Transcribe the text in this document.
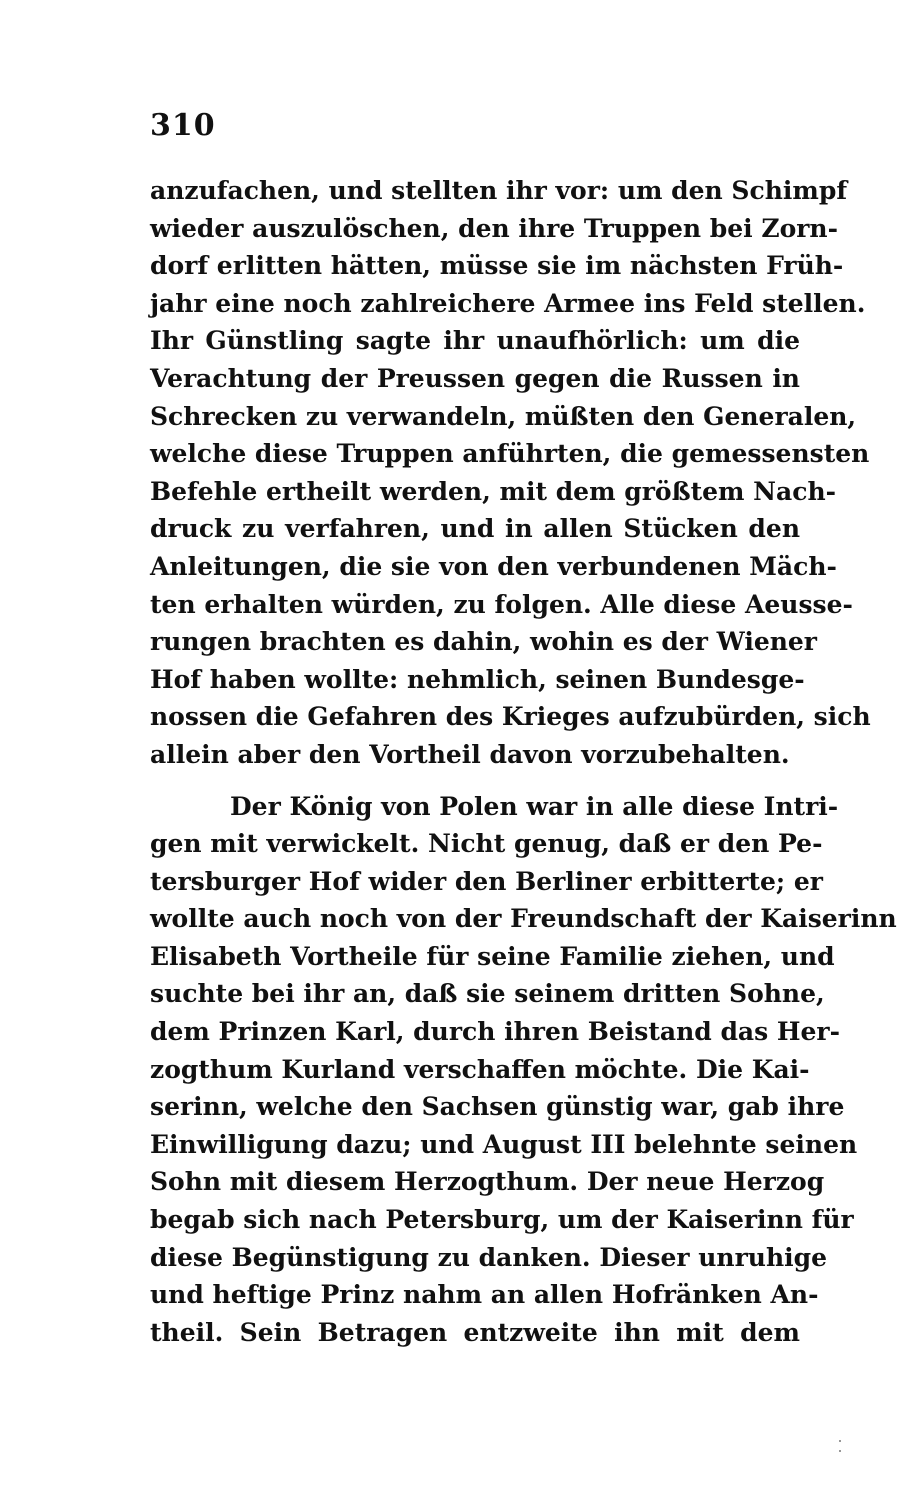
310
anzufachen, und stellten ihr vor: um den Schimpf
wieder auszulöschen, den ihre Truppen bei Zorn-
dorf erlitten hätten, müsse sie im nächsten Früh-
jahr eine noch zahlreichere Armee ins Feld stellen.
Ihr Günstling sagte ihr unaufhörlich: um die
Verachtung der Preussen gegen die Russen in
Schrecken zu verwandeln, müßten den Generalen,
welche diese Truppen anführten, die gemessensten
Befehle ertheilt werden, mit dem größtem Nach-
druck zu verfahren, und in allen Stücken den
Anleitungen, die sie von den verbundenen Mäch-
ten erhalten würden, zu folgen. Alle diese Aeusse-
rungen brachten es dahin, wohin es der Wiener
Hof haben wollte: nehmlich, seinen Bundesge-
nossen die Gefahren des Krieges aufzubürden, sich
allein aber den Vortheil davon vorzubehalten.
Der König von Polen war in alle diese Intri-
gen mit verwickelt. Nicht genug, daß er den Pe-
tersburger Hof wider den Berliner erbitterte; er
wollte auch noch von der Freundschaft der Kaiserinn
Elisabeth Vortheile für seine Familie ziehen, und
suchte bei ihr an, daß sie seinem dritten Sohne,
dem Prinzen Karl, durch ihren Beistand das Her-
zogthum Kurland verschaffen möchte. Die Kai-
serinn, welche den Sachsen günstig war, gab ihre
Einwilligung dazu; und August III belehnte seinen
Sohn mit diesem Herzogthum. Der neue Herzog
begab sich nach Petersburg, um der Kaiserinn für
diese Begünstigung zu danken. Dieser unruhige
und heftige Prinz nahm an allen Hofränken An-
theil. Sein Betragen entzweite ihn mit dem
